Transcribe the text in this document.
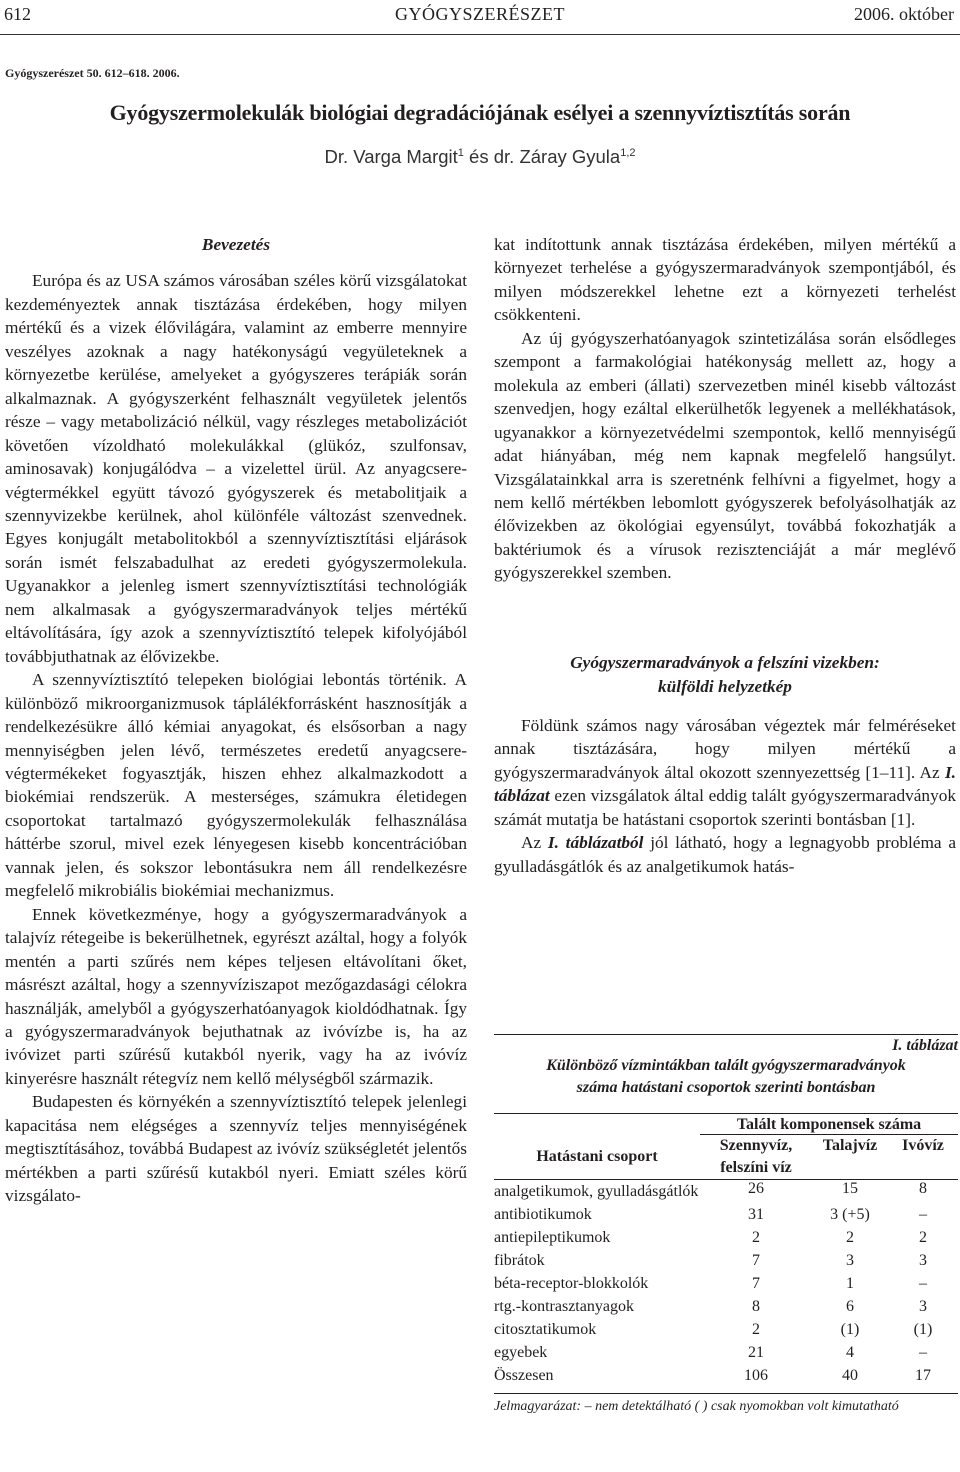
612	GYÓGYSZERÉSZET	2006. október
Gyógyszerészet 50. 612–618. 2006.
Gyógyszermolekulák biológiai degradációjának esélyei a szennyvíztisztítás során
Dr. Varga Margit$^1$ és dr. Záray Gyula$^{1,2}$
Bevezetés

Európa és az USA számos városában széles körű vizsgálatokat kezdeményeztek annak tisztázása érdekében, hogy milyen mértékű és a vizek élővilágára, valamint az emberre mennyire veszélyes azoknak a nagy hatékonyságú vegyületeknek a környezetbe kerülése, amelyeket a gyógyszeres terápiák során alkalmaznak. A gyógyszerként felhasznált vegyületek jelentős része – vagy metabolizáció nélkül, vagy részleges metabolizációt követően vízoldható molekulákkal (glükóz, szulfonsav, aminosavak) konjugálódva – a vizelettel ürül. Az anyagcsere-végtermékkel együtt távozó gyógyszerek és metabolitjaik a szennyvizekbe kerülnek, ahol különféle változást szenvednek. Egyes konjugált metabolitokból a szennyvíztisztítási eljárások során ismét felszabadulhat az eredeti gyógyszermolekula. Ugyanakkor a jelenleg ismert szennyvíztisztítási technológiák nem alkalmasak a gyógyszermaradványok teljes mértékű eltávolítására, így azok a szennyvíztisztító telepek kifolyójából továbbjuthatnak az élővizekbe.

A szennyvíztisztító telepeken biológiai lebontás történik. A különböző mikroorganizmusok táplálékforrásként hasznosítják a rendelkezésükre álló kémiai anyagokat, és elsősorban a nagy mennyiségben jelen lévő, természetes eredetű anyagcsere-végtermékeket fogyasztják, hiszen ehhez alkalmazkodott a biokémiai rendszerük. A mesterséges, számukra életidegen csoportokat tartalmazó gyógyszermolekulák felhasználása háttérbe szorul, mivel ezek lényegesen kisebb koncentrációban vannak jelen, és sokszor lebontásukra nem áll rendelkezésre megfelelő mikrobiális biokémiai mechanizmus.

Ennek következménye, hogy a gyógyszermaradványok a talajvíz rétegeibe is bekerülhetnek, egyrészt azáltal, hogy a folyók mentén a parti szűrés nem képes teljesen eltávolítani őket, másrészt azáltal, hogy a szennyvíziszapot mezőgazdasági célokra használják, amelyből a gyógyszerhatóanyagok kioldódhatnak. Így a gyógyszermaradványok bejuthatnak az ivóvízbe is, ha az ivóvizet parti szűrésű kutakból nyerik, vagy ha az ivóvíz kinyerésre használt rétegvíz nem kellő mélységből származik.

Budapesten és környékén a szennyvíztisztító telepek jelenlegi kapacitása nem elégséges a szennyvíz teljes mennyiségének megtisztításához, továbbá Budapest az ivóvíz szükségletét jelentős mértékben a parti szűrésű kutakból nyeri. Emiatt széles körű vizsgálato-

kat indítottunk annak tisztázása érdekében, milyen mértékű a környezet terhelése a gyógyszermaradványok szempontjából, és milyen módszerekkel lehetne ezt a környezeti terhelést csökkenteni.

Az új gyógyszerhatóanyagok szintetizálása során elsődleges szempont a farmakológiai hatékonyság mellett az, hogy a molekula az emberi (állati) szervezetben minél kisebb változást szenvedjen, hogy ezáltal elkerülhetők legyenek a mellékhatások, ugyanakkor a környezetvédelmi szempontok, kellő mennyiségű adat hiányában, még nem kapnak megfelelő hangsúlyt. Vizsgálatainkkal arra is szeretnénk felhívni a figyelmet, hogy a nem kellő mértékben lebomlott gyógyszerek befolyásolhatják az élővizekben az ökológiai egyensúlyt, továbbá fokozhatják a baktériumok és a vírusok rezisztenciáját a már meglévő gyógyszerekkel szemben.

Gyógyszermaradványok a felszíni vizekben:
külföldi helyzetkép

Földünk számos nagy városában végeztek már felméréseket annak tisztázására, hogy milyen mértékű a gyógyszermaradványok által okozott szennyezettség [1–11]. Az I. táblázat ezen vizsgálatok által eddig talált gyógyszermaradványok számát mutatja be hatástani csoportok szerinti bontásban [1].

Az I. táblázatból jól látható, hogy a legnagyobb probléma a gyulladásgátlók és az analgetikumok hatás-

I. táblázat
Különböző vízmintákban talált gyógyszermaradványok
száma hatástani csoportok szerinti bontásban
	Talált komponensek száma		
Hatástani csoport	Szennyvíz, felszíni víz	Talajvíz	Ivóvíz

analgetikumok, gyulladásgátlók	26	15	8
antibiotikumok	31	3 (+5)	–
antiepileptikumok	2	2	2
fibrátok	7	3	3
béta-receptor-blokkolók	7	1	–
rtg.-kontrasztanyagok	8	6	3
citosztatikumok	2	(1)	(1)
egyebek	21	4	–
Összesen	106	40	17
Jelmagyarázat: – nem detektálható ( ) csak nyomokban volt kimutatható
